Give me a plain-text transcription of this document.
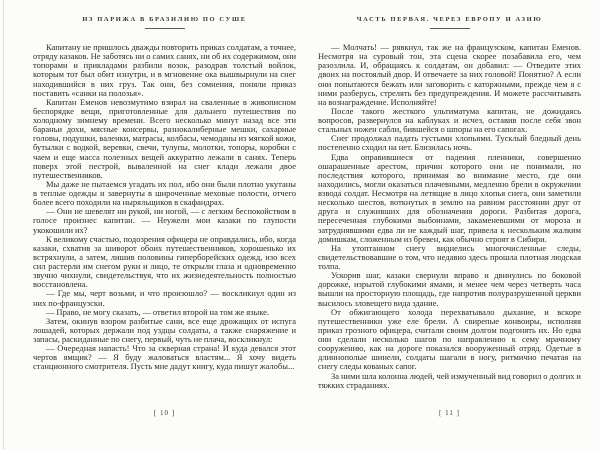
ИЗ ПАРИЖА В БРАЗИЛИЮ ПО СУШЕ

Капитану не пришлось дважды повторить приказ солдатам, а точнее, отряду казаков. Не заботясь ни о самих санях, ни об их содержимом, они топорами и прикладами разбили возок, разодрав толстый войлок, которым тот был обит изнутри, и в мгновение ока вышвырнули на снег находившийся в них груз. Так они, без сомнения, поняли приказ поставить «санки на полозья».

Капитан Еменов невозмутимо взирал на сваленные в живописном беспорядке вещи, приготовленные для дальнего путешествия по холодному зимнему времени. Всего несколько минут назад все эти бараньи дохи, мясные консервы, разнокалиберные мешки, сахарные головы, подушки, валенки, матрасы, колбасы, чемоданы из мягкой кожи, бутылки с водкой, веревки, свечи, тулупы, молотки, топоры, коробки с чаем и еще масса полезных вещей аккуратно лежали в санях. Теперь поверх этой пестрой, вываленной на снег клади лежали двое путешественников.

Мы даже не пытаемся угадать их пол, ибо они были плотно укутаны в теплые одежды и завернуты в широченные меховые полости, отчего более всего походили на ныряльщиков в скафандрах.

— Они не шевелят ни рукой, ни ногой, — с легким беспокойством в голосе произнес капитан. — Неужели мои казаки по глупости укокошили их?

К великому счастью, подозрения офицера не оправдались, ибо, когда казаки, схватив за шиворот обоих путешественников, хорошенько их встряхнули, а затем, лишив половины гиперборейских одежд, изо всех сил растерли им снегом руки и лицо, те открыли глаза и одновременно звучно чихнули, свидетельствуя, что их жизнедеятельность полностью восстановлена.

— Где мы, черт возьми, и что произошло? — воскликнул один из них по-французски.

— Право, не могу сказать, — ответил второй на том же языке.

Затем, окинув взором разбитые сани, все еще дрожащих от испуга лошадей, которых держали под уздцы солдаты, а также снаряжение и запасы, раскиданные по снегу, первый, чуть не плача, воскликнул:

— Очередная напасть! Что за скверная страна! И куда девался этот чертов ямщик? — Я буду жаловаться властям... Я хочу видеть станционного смотрителя. Пусть мне дадут книгу, куда пишут жалобы...

[ 10 ]
ЧАСТЬ ПЕРВАЯ. ЧЕРЕЗ ЕВРОПУ И АЗИЮ

— Молчать! — рявкнул, так же на французском, капитан Еменов. Несмотря на суровый тон, эта сцена скорее позабавила его, чем разозлила. И, обращаясь к солдатам, он добавил: — Отведите этих двоих на постоялый двор. И отвечаете за них головой! Понятно? А если они попытаются бежать или заговорить с каторжными, прежде чем я с ними разберусь, стрелять без предупреждения. И можете рассчитывать на вознаграждение. Исполняйте!

После такого жесткого ультиматума капитан, не дожидаясь вопросов, развернулся на каблуках и исчез, оставив после себя звон стальных ножен сабли, бившейся о шпоры на его сапогах.

Снег продолжал падать густыми хлопьями. Тусклый бледный день постепенно сходил на нет. Близилась ночь.

Едва оправившиеся от падения пленники, совершенно ошарашенные арестом, причин которого они не понимали, но последствия которого, принимая во внимание место, где они находились, могли оказаться плачевными, медленно брели в окружении взвода солдат. Несмотря на летящие в лицо хлопья снега, они заметили несколько шестов, воткнутых в землю на равном расстоянии друг от друга и служивших для обозначения дороги. Разбитая дорога, пересеченная глубокими выбоинами, закаменевшими от мороза и затруднявшими едва ли не каждый шаг, привела к нескольким жалким домишкам, сложенным из бревен, как обычно строят в Сибири.

На утоптанном снегу виднелись многочисленные следы, свидетельствовавшие о том, что недавно здесь прошла плотная людская толпа.

Ускорив шаг, казаки свернули вправо и двинулись по боковой дорожке, изрытой глубокими ямами, и менее чем через четверть часа вышли на просторную площадь, где напротив полуразрушенной церкви высилось зловещего вида здание.

От обжигающего холода перехватывало дыхание, и вскоре путешественники уже еле брели. А свирепые конвоиры, исполняя приказ грозного офицера, считали своим долгом подгонять их. Но едва они сделали несколько шагов по направлению к сему мрачному сооружению, как на дороге показался вооруженный отряд. Одетые в длиннополые шинели, солдаты шагали в ногу, ритмично печатая на снегу следы кованых сапог.

За ними шла колонна людей, чей измученный вид говорил о долгих и тяжких страданиях.

[ 11 ]
